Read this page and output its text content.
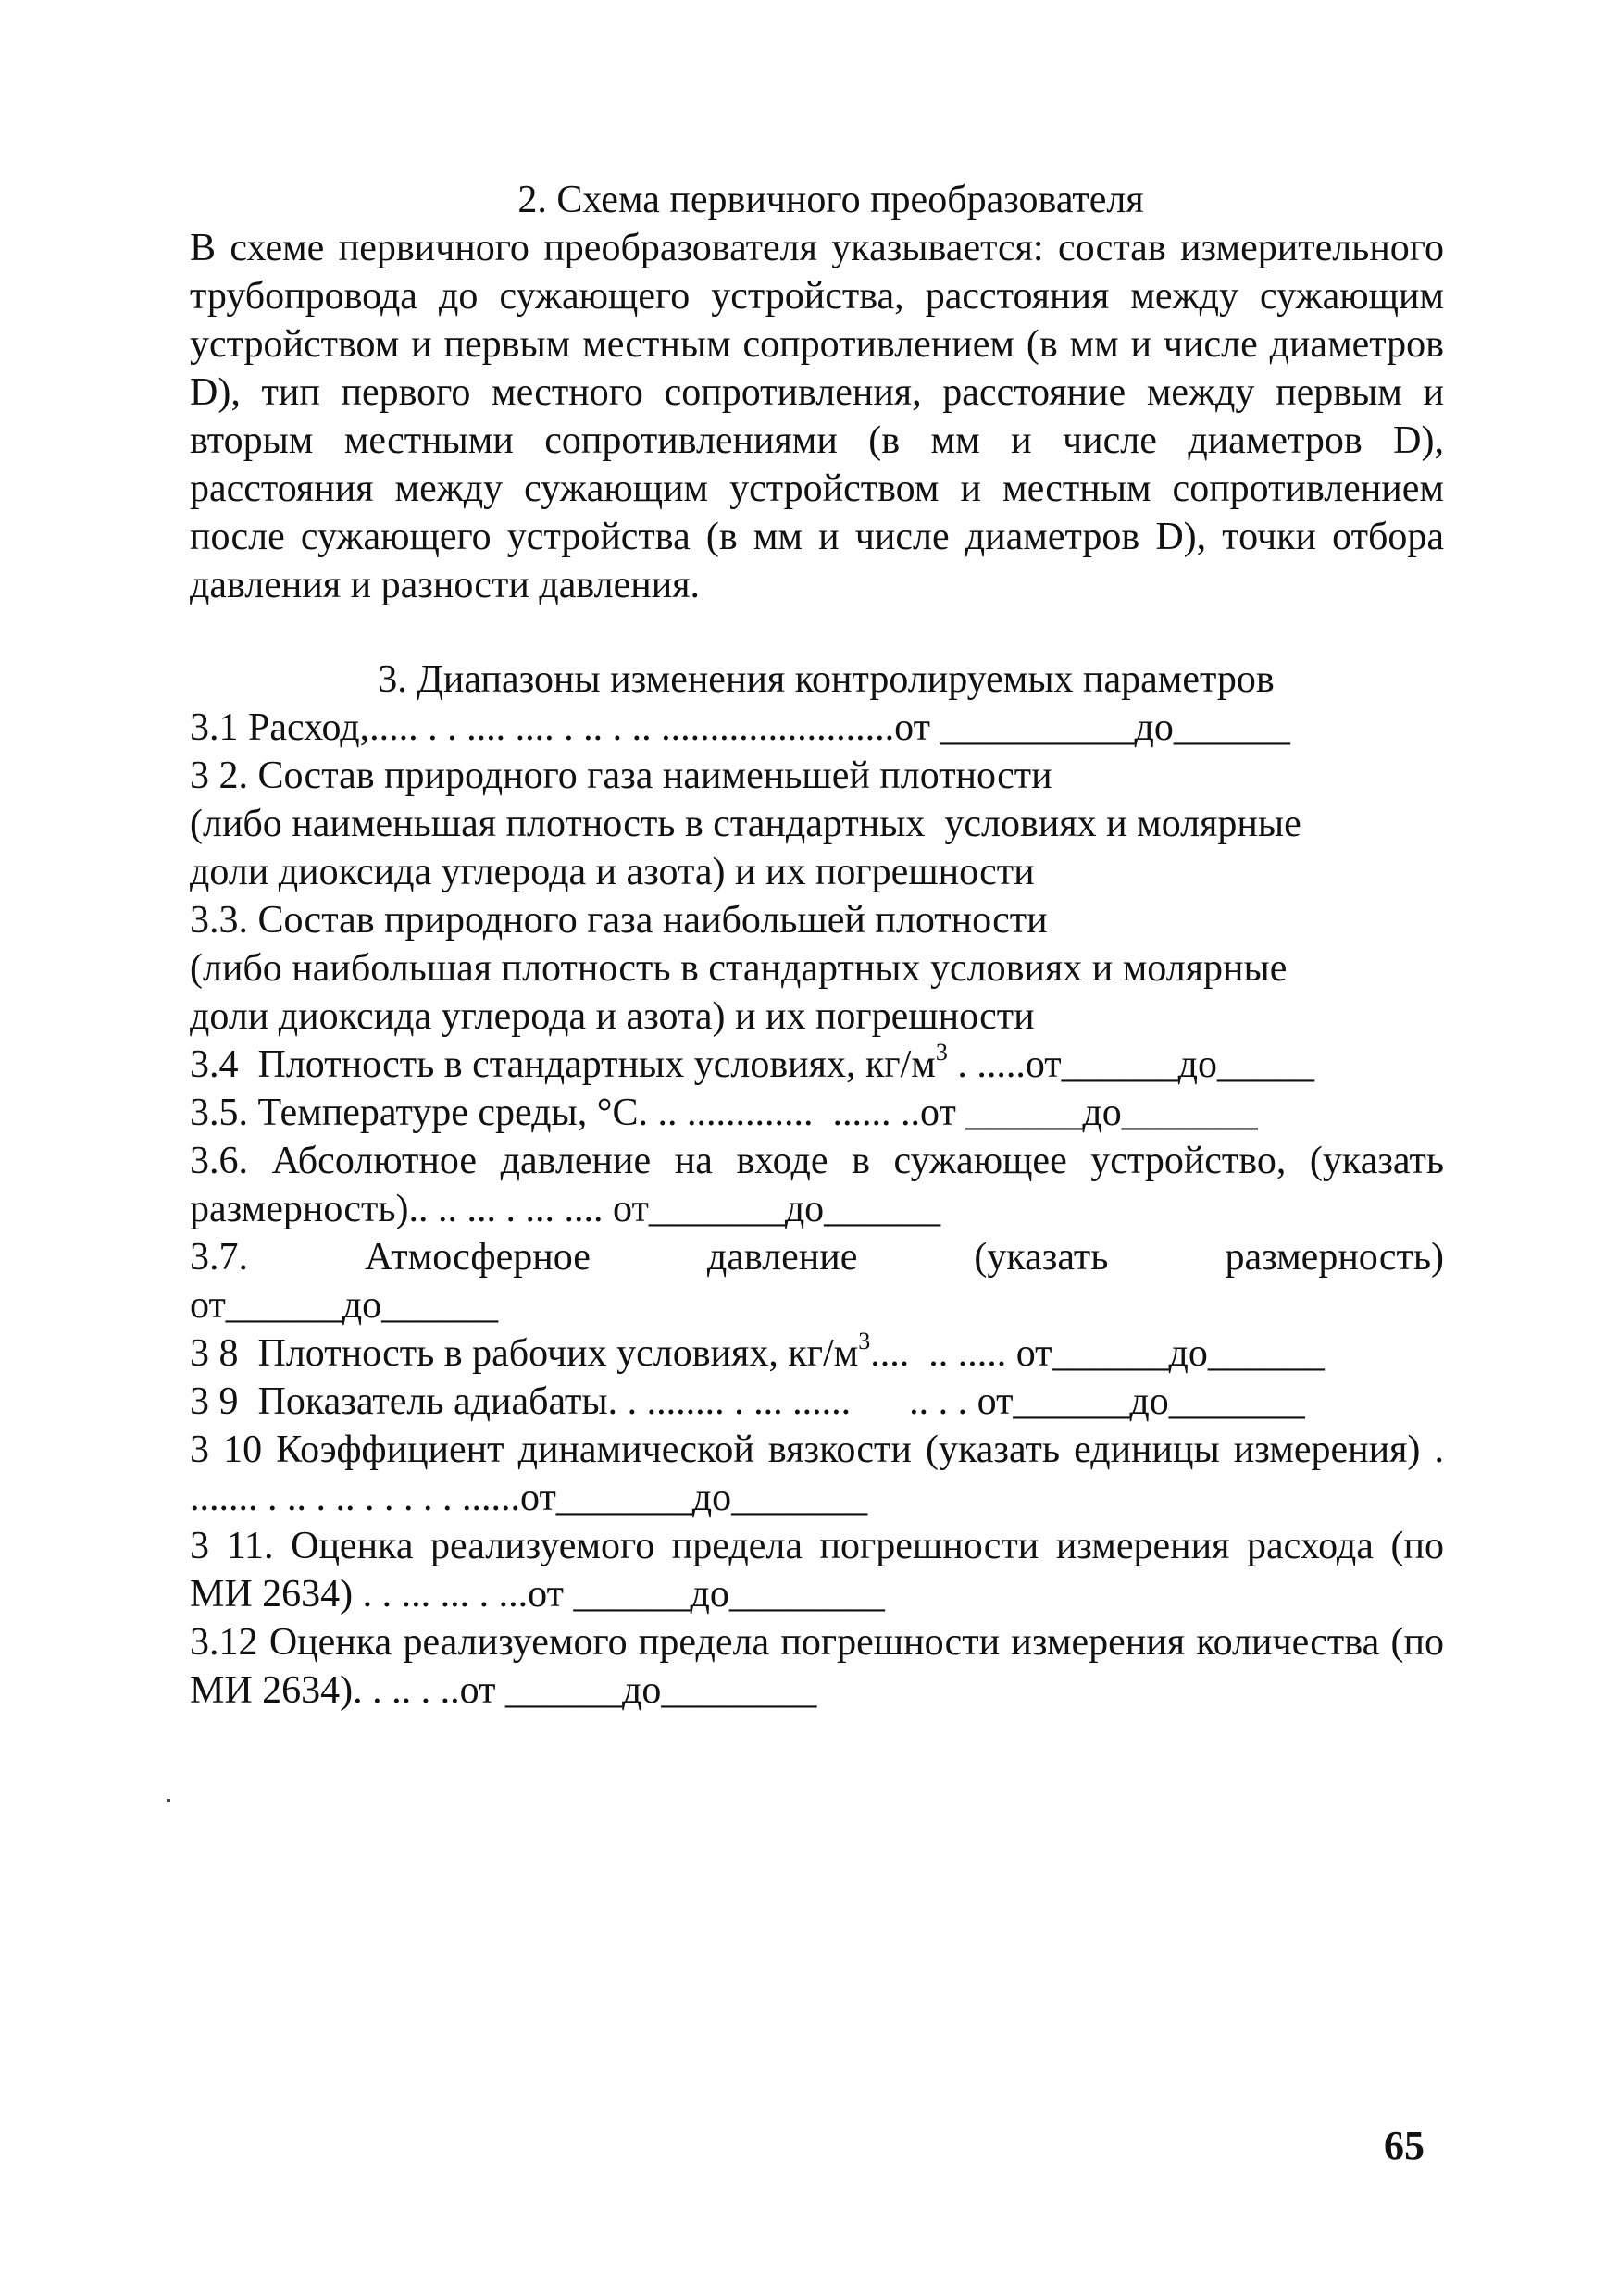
2. Схема первичного преобразователя

В схеме первичного преобразователя указывается: состав измерительного трубопровода до сужающего устройства, расстояния между сужающим устройством и первым местным сопротивлением (в мм и числе диаметров D), тип первого местного сопротивления, расстояние между первым и вторым местными сопротивлениями (в мм и числе диаметров D), расстояния между сужающим устройством и местным сопротивлением после сужающего устройства (в мм и числе диаметров D), точки отбора давления и разности давления.

3. Диапазоны изменения контролируемых параметров

3.1 Расход,..... . . .... .... . .. . .. ........................от __________до______

3 2. Состав природного газа наименьшей плотности

(либо наименьшая плотность в стандартных  условиях и молярные

доли диоксида углерода и азота) и их погрешности

3.3. Состав природного газа наибольшей плотности

(либо наибольшая плотность в стандартных условиях и молярные

доли диоксида углерода и азота) и их погрешности

3.4  Плотность в стандартных условиях, $кг/м^3$ . .....от______до_____

3.5. Температуре среды, °С. .. .............  ...... ..от ______до_______

3.6. Абсолютное давление на входе в сужающее устройство, (указать размерность).. .. ... . ... .... от_______до______

3.7.	Атмосферное	давление	(указать	размерность)

от______до______

3 8  Плотность в рабочих условиях, $кг/м^3$....  .. ..... от______до______

3 9  Показатель адиабаты. . ........ . ... ......      .. . . от______до_______

3 10 Коэффициент динамической вязкости (указать единицы измерения) . ....... . .. . .. . . . . . ......от_______до_______

3 11. Оценка реализуемого предела погрешности измерения расхода (по МИ 2634) . . ... ... . ...от ______до________

3.12 Оценка реализуемого предела погрешности измерения количества (по МИ 2634). . .. . ..от ______до________

65
